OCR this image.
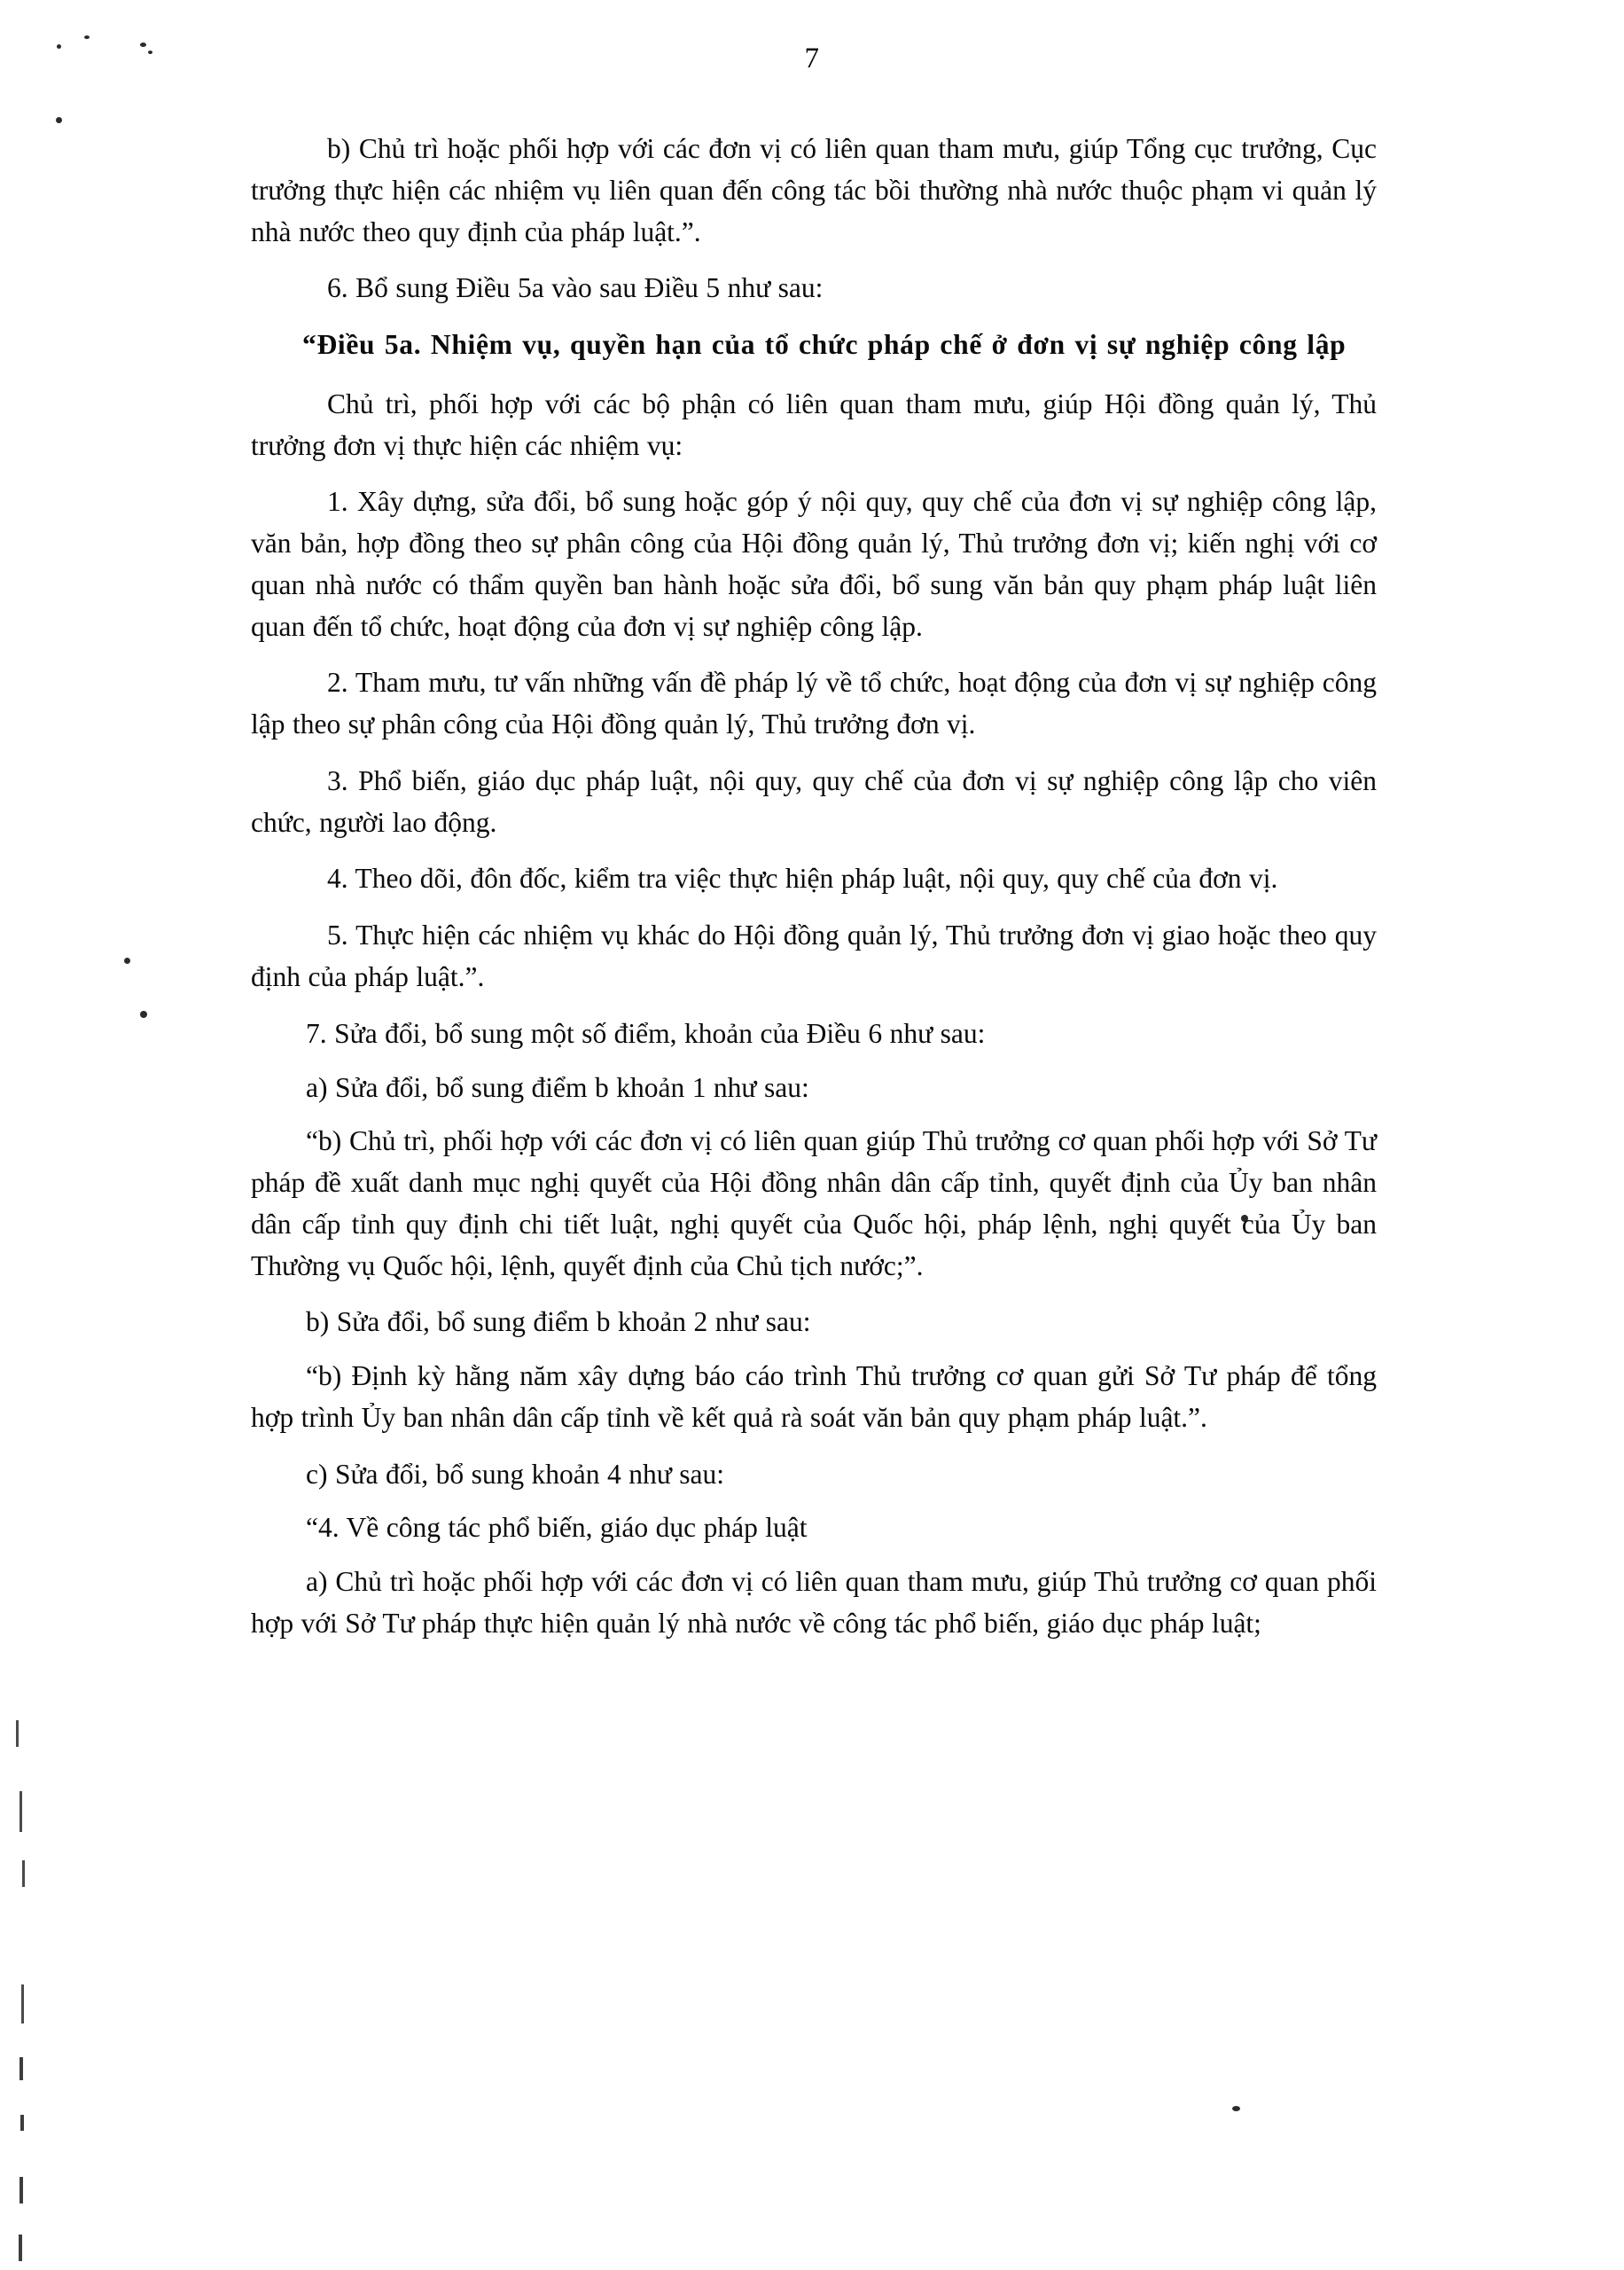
7

b) Chủ trì hoặc phối hợp với các đơn vị có liên quan tham mưu, giúp Tổng cục trưởng, Cục trưởng thực hiện các nhiệm vụ liên quan đến công tác bồi thường nhà nước thuộc phạm vi quản lý nhà nước theo quy định của pháp luật.”.

6. Bổ sung Điều 5a vào sau Điều 5 như sau:

“Điều 5a. Nhiệm vụ, quyền hạn của tổ chức pháp chế ở đơn vị sự nghiệp công lập

Chủ trì, phối hợp với các bộ phận có liên quan tham mưu, giúp Hội đồng quản lý, Thủ trưởng đơn vị thực hiện các nhiệm vụ:

1. Xây dựng, sửa đổi, bổ sung hoặc góp ý nội quy, quy chế của đơn vị sự nghiệp công lập, văn bản, hợp đồng theo sự phân công của Hội đồng quản lý, Thủ trưởng đơn vị; kiến nghị với cơ quan nhà nước có thẩm quyền ban hành hoặc sửa đổi, bổ sung văn bản quy phạm pháp luật liên quan đến tổ chức, hoạt động của đơn vị sự nghiệp công lập.

2. Tham mưu, tư vấn những vấn đề pháp lý về tổ chức, hoạt động của đơn vị sự nghiệp công lập theo sự phân công của Hội đồng quản lý, Thủ trưởng đơn vị.

3. Phổ biến, giáo dục pháp luật, nội quy, quy chế của đơn vị sự nghiệp công lập cho viên chức, người lao động.

4. Theo dõi, đôn đốc, kiểm tra việc thực hiện pháp luật, nội quy, quy chế của đơn vị.

5. Thực hiện các nhiệm vụ khác do Hội đồng quản lý, Thủ trưởng đơn vị giao hoặc theo quy định của pháp luật.”.

7. Sửa đổi, bổ sung một số điểm, khoản của Điều 6 như sau:

a) Sửa đổi, bổ sung điểm b khoản 1 như sau:

“b) Chủ trì, phối hợp với các đơn vị có liên quan giúp Thủ trưởng cơ quan phối hợp với Sở Tư pháp đề xuất danh mục nghị quyết của Hội đồng nhân dân cấp tỉnh, quyết định của Ủy ban nhân dân cấp tỉnh quy định chi tiết luật, nghị quyết của Quốc hội, pháp lệnh, nghị quyết của Ủy ban Thường vụ Quốc hội, lệnh, quyết định của Chủ tịch nước;”.

b) Sửa đổi, bổ sung điểm b khoản 2 như sau:

“b) Định kỳ hằng năm xây dựng báo cáo trình Thủ trưởng cơ quan gửi Sở Tư pháp để tổng hợp trình Ủy ban nhân dân cấp tỉnh về kết quả rà soát văn bản quy phạm pháp luật.”.

c) Sửa đổi, bổ sung khoản 4 như sau:

“4. Về công tác phổ biến, giáo dục pháp luật

a) Chủ trì hoặc phối hợp với các đơn vị có liên quan tham mưu, giúp Thủ trưởng cơ quan phối hợp với Sở Tư pháp thực hiện quản lý nhà nước về công tác phổ biến, giáo dục pháp luật;
